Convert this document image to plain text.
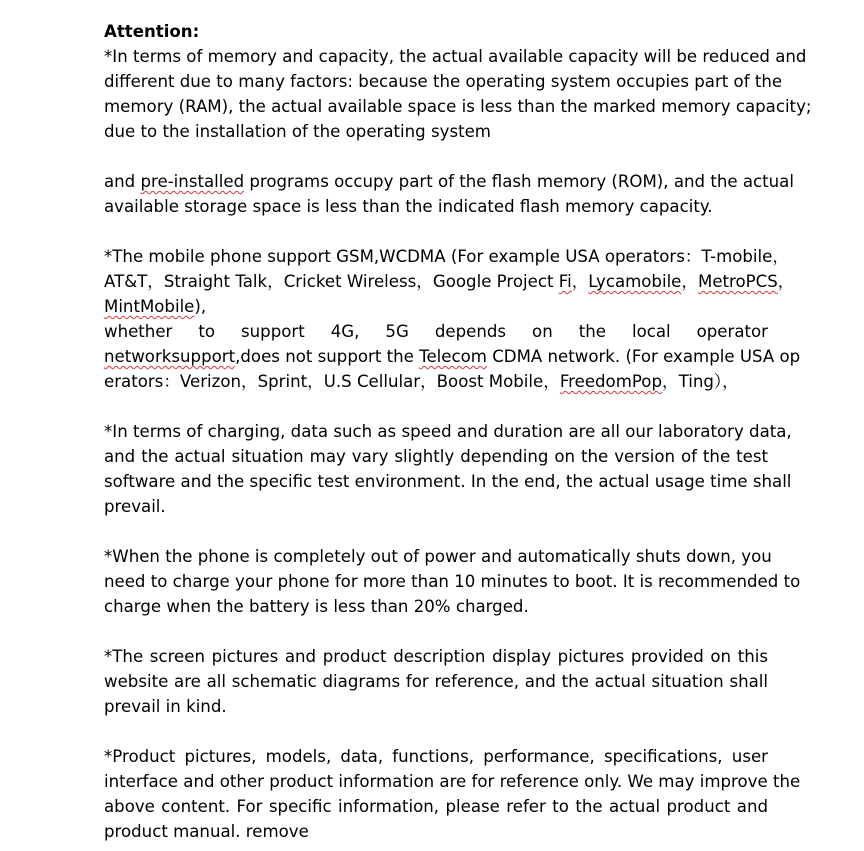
Attention:
*In terms of memory and capacity, the actual available capacity will be reduced and
different due to many factors: because the operating system occupies part of the
memory (RAM), the actual available space is less than the marked memory capacity;
due to the installation of the operating system
and pre-installed programs occupy part of the flash memory (ROM), and the actual
available storage space is less than the indicated flash memory capacity.
*The mobile phone support GSM,WCDMA (For example USA operators：T-mobile，
AT&T，Straight Talk，Cricket Wireless，Google Project Fi，Lycamobile，MetroPCS，
MintMobile),
whether to support 4G, 5G depends on the local operator
networksupport,does not support the Telecom CDMA network. (For example USA op
erators：Verizon，Sprint，U.S Cellular，Boost Mobile，FreedomPop，Ting），
*In terms of charging, data such as speed and duration are all our laboratory data,
and the actual situation may vary slightly depending on the version of the test
software and the specific test environment. In the end, the actual usage time shall
prevail.
*When the phone is completely out of power and automatically shuts down, you
need to charge your phone for more than 10 minutes to boot. It is recommended to
charge when the battery is less than 20% charged.
*The screen pictures and product description display pictures provided on this
website are all schematic diagrams for reference, and the actual situation shall
prevail in kind.
*Product pictures, models, data, functions, performance, specifications, user
interface and other product information are for reference only. We may improve the
above content. For specific information, please refer to the actual product and
product manual. remove
